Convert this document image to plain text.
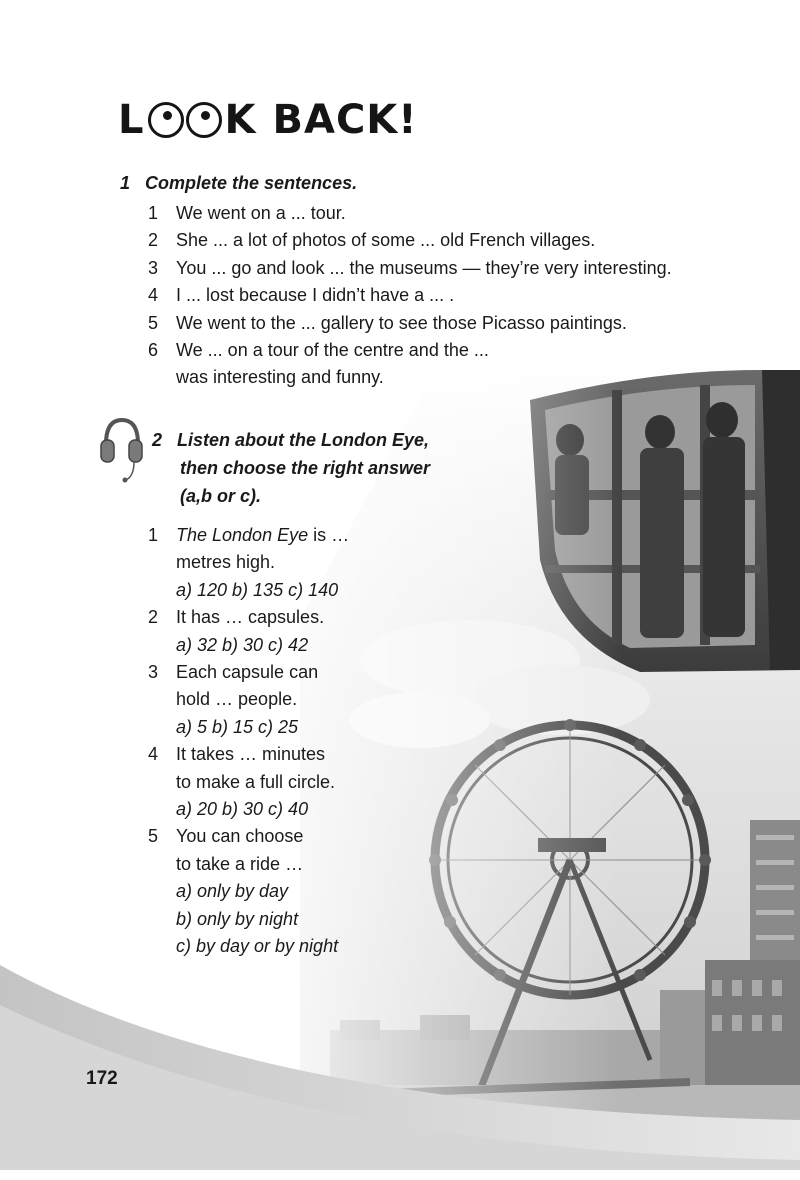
L K BACK!
1 Complete the sentences.
1 We went on a ... tour.
2 She ... a lot of photos of some ... old French villages.
3 You ... go and look ... the museums — they’re very interesting.
4 I ... lost because I didn’t have a ... .
5 We went to the ... gallery to see those Picasso paintings.
6 We ... on a tour of the centre and the ...
was interesting and funny.
2 Listen about the London Eye,
then choose the right answer
(a,b or c).
1 The London Eye is …
metres high.
a) 120 b) 135 c) 140
2 It has … capsules.
a) 32 b) 30 c) 42
3 Each capsule can
hold … people.
a) 5 b) 15 c) 25
4 It takes … minutes
to make a full circle.
a) 20 b) 30 c) 40
5 You can choose
to take a ride …
a) only by day
b) only by night
c) by day or by night
172
